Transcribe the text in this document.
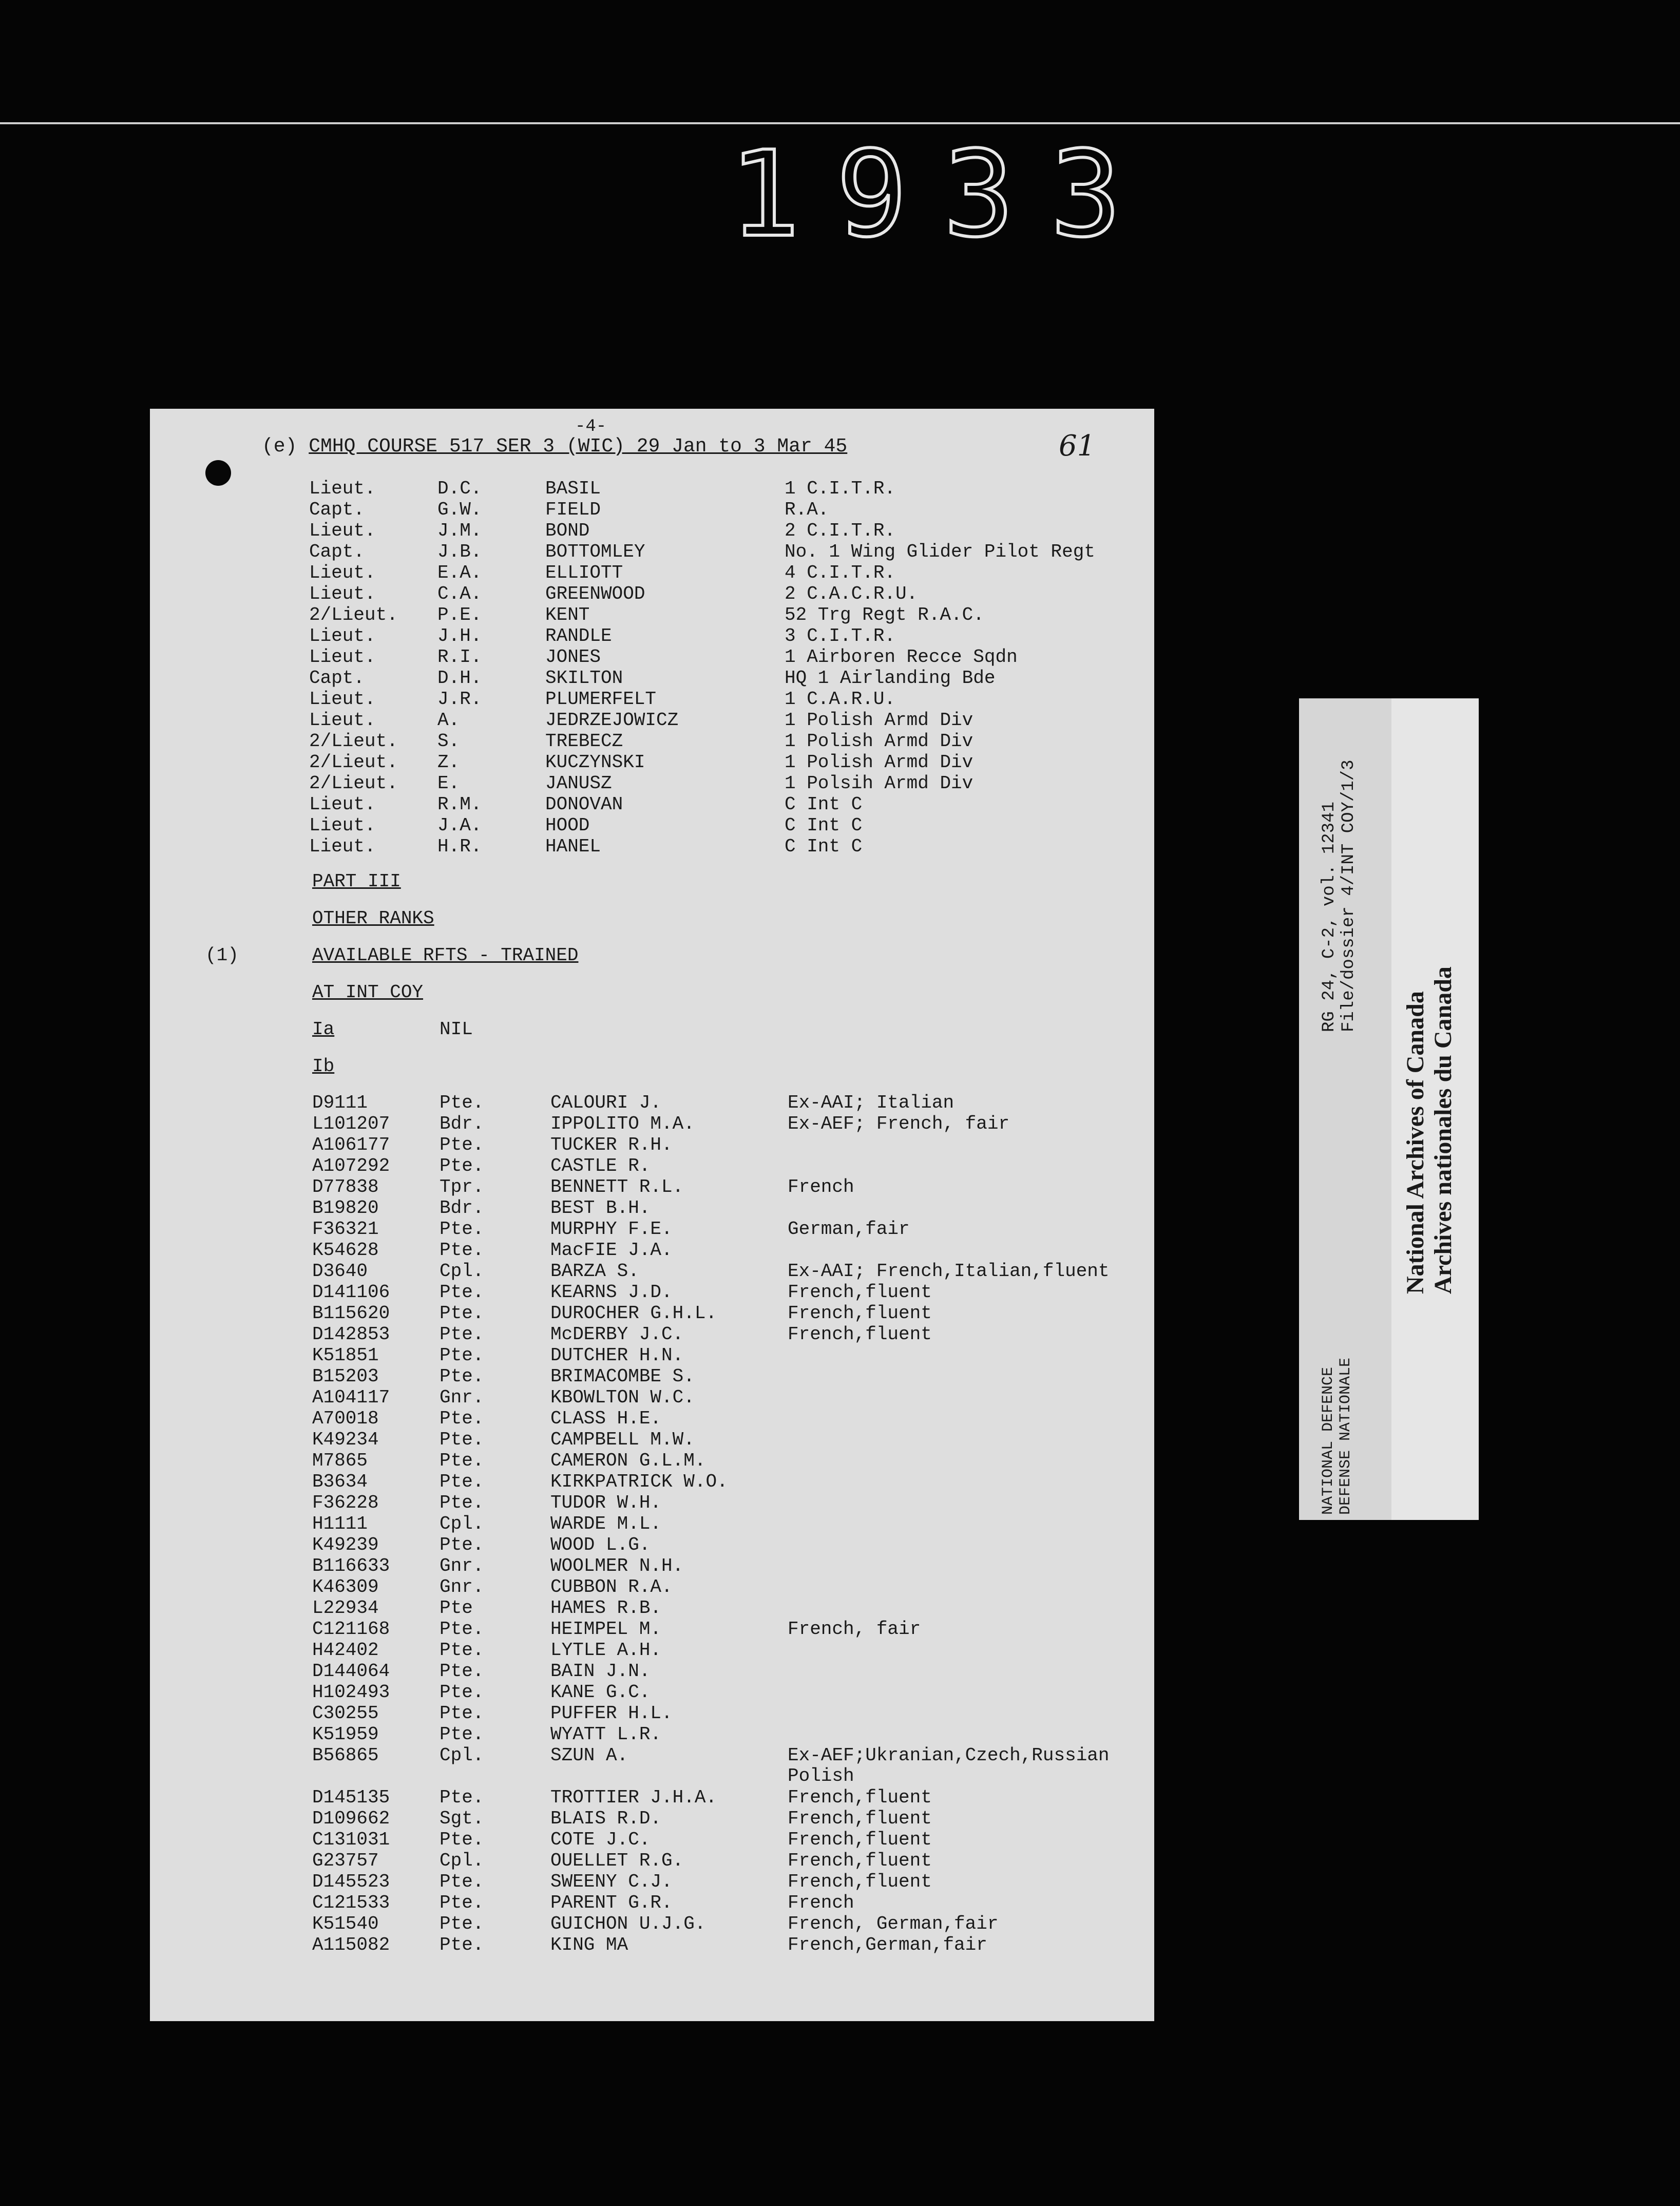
1933
-4-
61
(e) CMHQ COURSE 517 SER 3 (WIC) 29 Jan to 3 Mar 45
Lieut.	D.C.	BASIL	1 C.I.T.R.
Capt.	G.W.	FIELD	R.A.
Lieut.	J.M.	BOND	2 C.I.T.R.
Capt.	J.B.	BOTTOMLEY	No. 1 Wing Glider Pilot Regt
Lieut.	E.A.	ELLIOTT	4 C.I.T.R.
Lieut.	C.A.	GREENWOOD	2 C.A.C.R.U.
2/Lieut. P.E.	KENT	52 Trg Regt R.A.C.
Lieut.	J.H.	RANDLE	3 C.I.T.R.
Lieut.	R.I.	JONES	1 Airboren Recce Sqdn
Capt.	D.H.	SKILTON	HQ 1 Airlanding Bde
Lieut.	J.R.	PLUMERFELT	1 C.A.R.U.
Lieut.	A.	JEDRZEJOWICZ	1 Polish Armd Div
2/Lieut. S.	TREBECZ	1 Polish Armd Div
2/Lieut. Z.	KUCZYNSKI	1 Polish Armd Div
2/Lieut. E.	JANUSZ	1 Polsih Armd Div
Lieut.	R.M.	DONOVAN	C Int C
Lieut.	J.A.	HOOD	C Int C
Lieut.	H.R.	HANEL	C Int C
PART III
OTHER RANKS
(1)	AVAILABLE RFTS - TRAINED
AT INT COY
Ia	NIL
Ib
D9111	Pte.	CALOURI J.	Ex-AAI; Italian
L101207	Bdr.	IPPOLITO M.A.	Ex-AEF; French, fair
A106177	Pte.	TUCKER R.H.
A107292	Pte.	CASTLE R.
D77838	Tpr.	BENNETT R.L.	French
B19820	Bdr.	BEST B.H.
F36321	Pte.	MURPHY F.E.	German,fair
K54628	Pte.	MacFIE J.A.
D3640	Cpl.	BARZA S.	Ex-AAI; French,Italian,fluent
D141106	Pte.	KEARNS J.D.	French,fluent
B115620	Pte.	DUROCHER G.H.L.	French,fluent
D142853	Pte.	McDERBY J.C.	French,fluent
K51851	Pte.	DUTCHER H.N.
B15203	Pte.	BRIMACOMBE S.
A104117	Gnr.	KBOWLTON W.C.
A70018	Pte.	CLASS H.E.
K49234	Pte.	CAMPBELL M.W.
M7865	Pte.	CAMERON G.L.M.
B3634	Pte.	KIRKPATRICK W.O.
F36228	Pte.	TUDOR W.H.
H1111	Cpl.	WARDE M.L.
K49239	Pte.	WOOD L.G.
B116633	Gnr.	WOOLMER N.H.
K46309	Gnr.	CUBBON R.A.
L22934	Pte	HAMES R.B.
C121168	Pte.	HEIMPEL M.	French, fair
H42402	Pte.	LYTLE A.H.
D144064	Pte.	BAIN J.N.
H102493	Pte.	KANE G.C.
C30255	Pte.	PUFFER H.L.
K51959	Pte.	WYATT L.R.
B56865	Cpl.	SZUN A.	Ex-AEF;Ukranian,Czech,Russian
Polish
D145135	Pte.	TROTTIER J.H.A.	French,fluent
D109662	Sgt.	BLAIS R.D.	French,fluent
C131031	Pte.	COTE J.C.	French,fluent
G23757	Cpl.	OUELLET R.G.	French,fluent
D145523	Pte.	SWEENY C.J.	French,fluent
C121533	Pte.	PARENT G.R.	French
K51540	Pte.	GUICHON U.J.G.	French, German,fair
A115082	Pte.	KING MA	French,German,fair
RG 24, C-2, vol. 12341 File/dossier 4/INT COY/1/3
NATIONAL DEFENCE DEFENSE NATIONALE
National Archives of Canada Archives nationales du Canada
